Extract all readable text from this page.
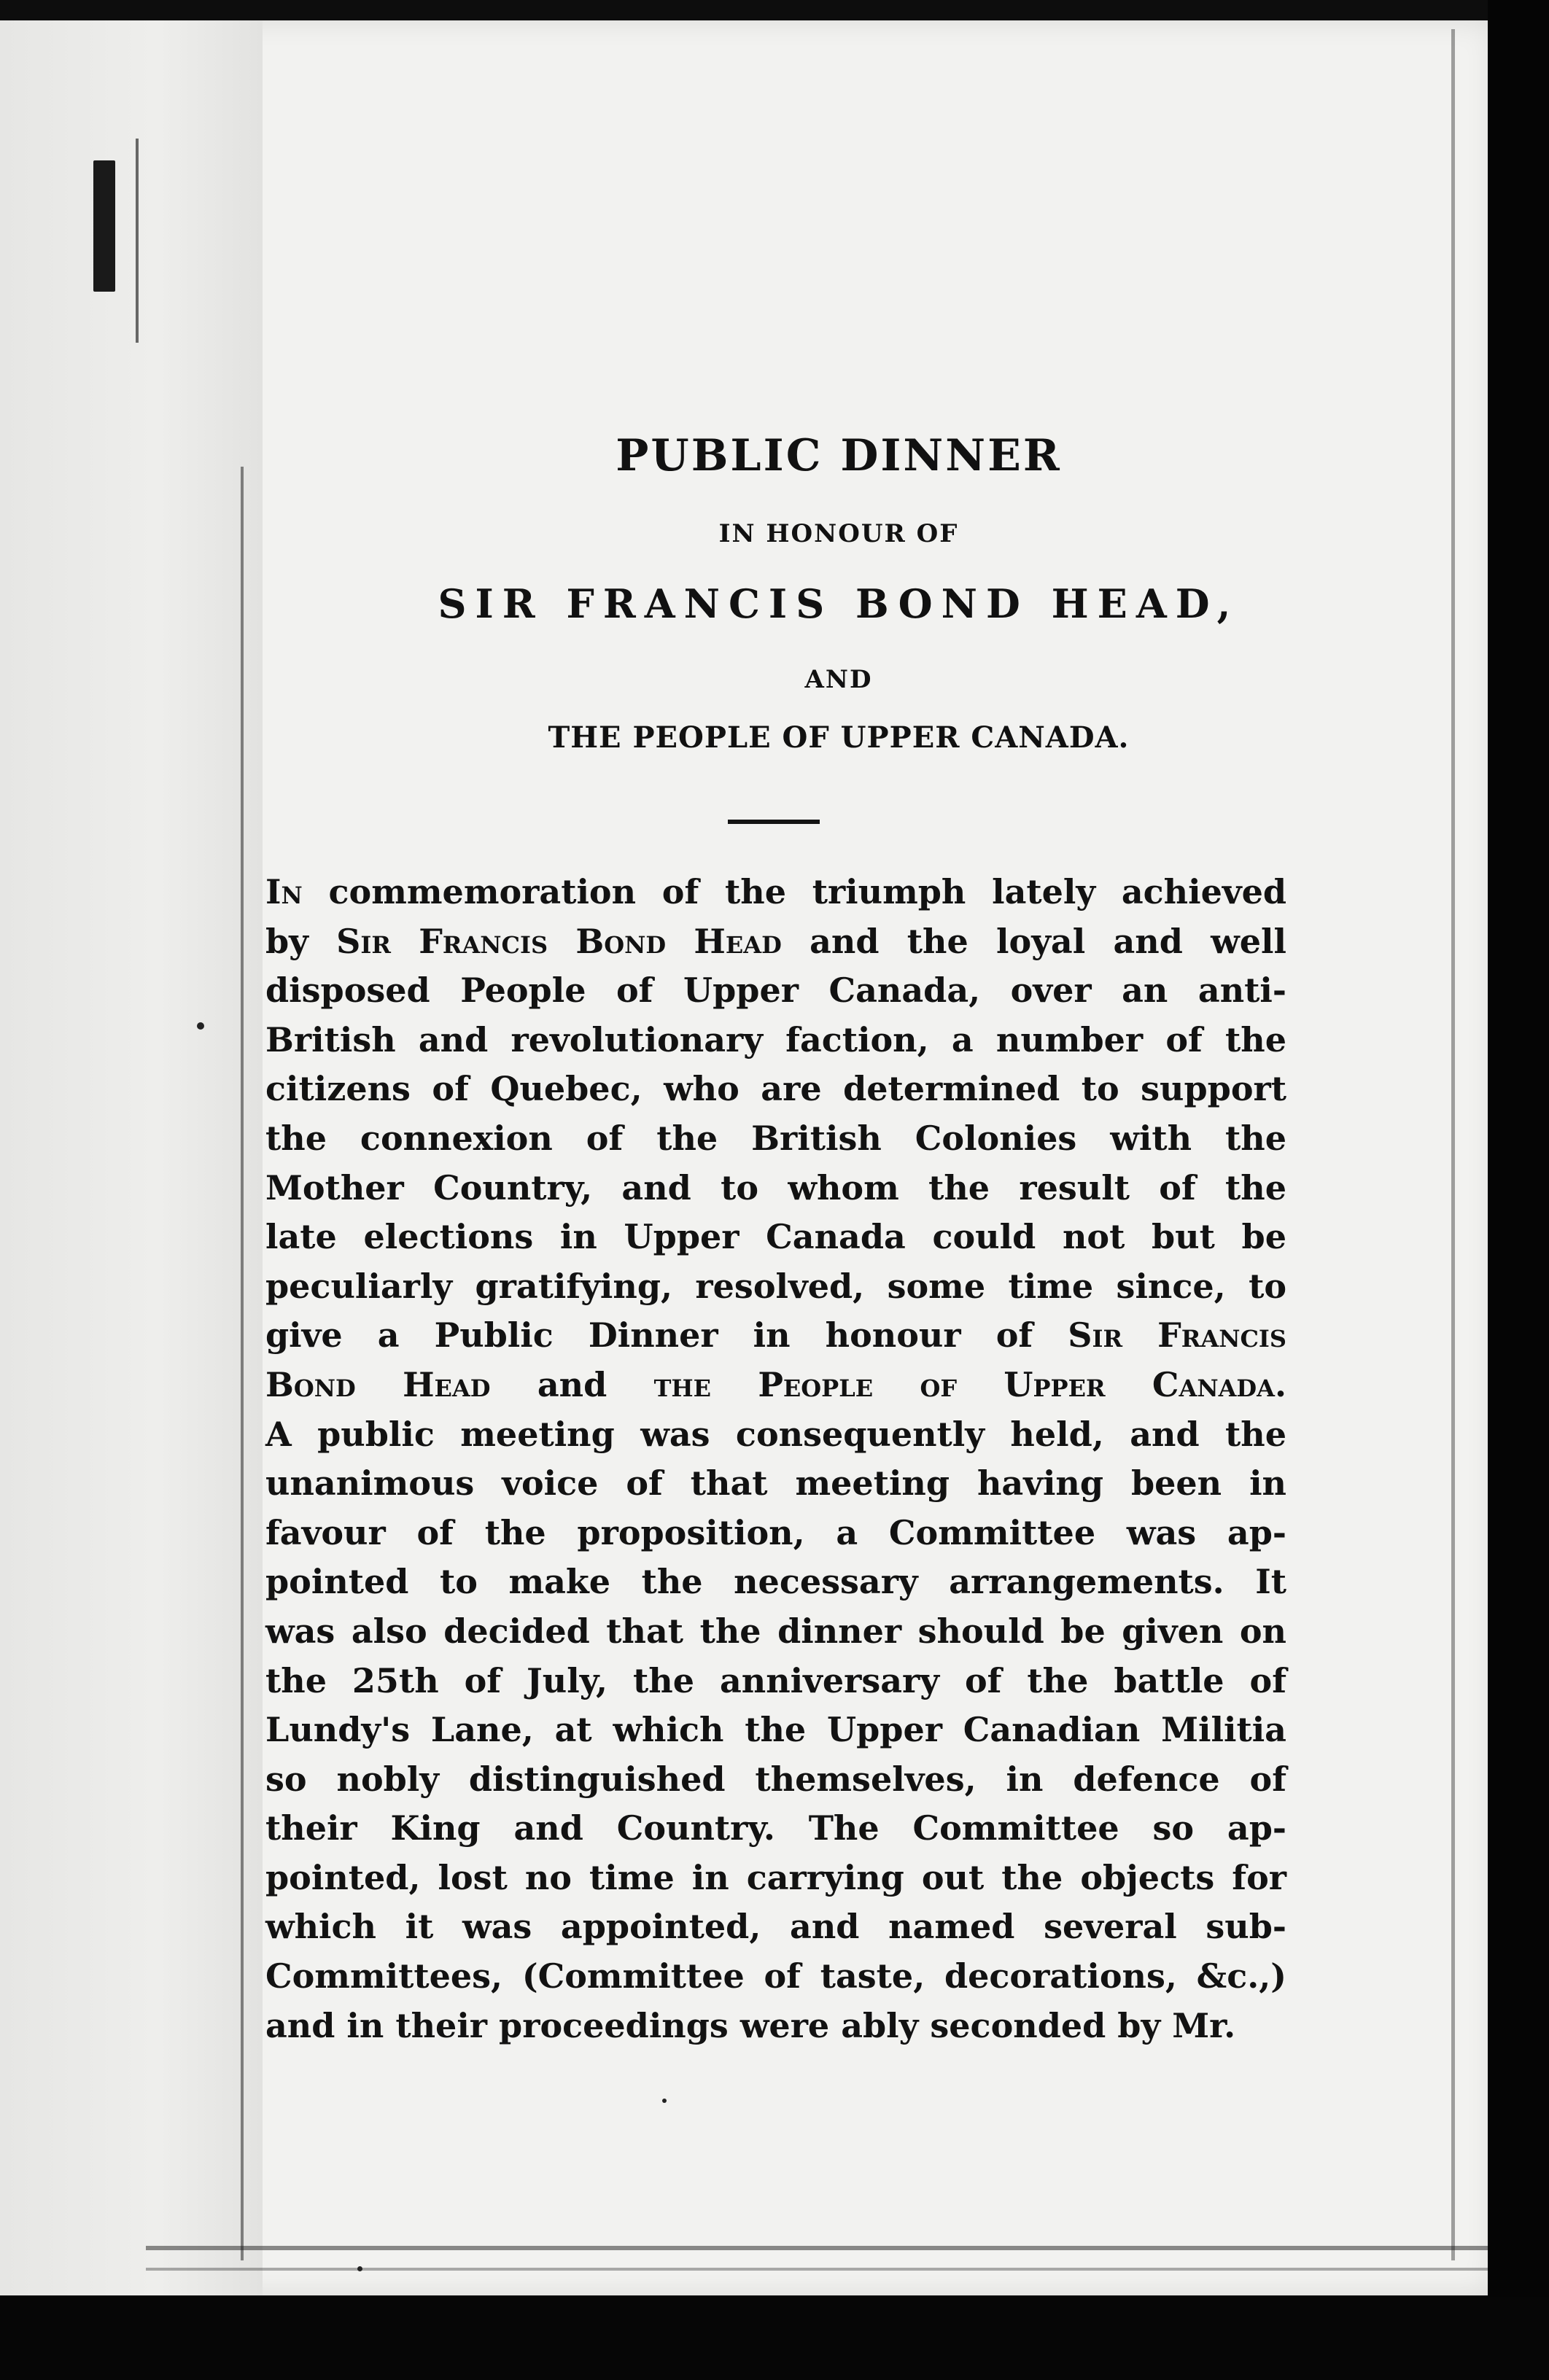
PUBLIC DINNER
IN HONOUR OF
SIR FRANCIS BOND HEAD,
AND
THE PEOPLE OF UPPER CANADA.
In commemoration of the triumph lately achieved
by Sir Francis Bond Head and the loyal and well
disposed People of Upper Canada, over an anti-
British and revolutionary faction, a number of the
citizens of Quebec, who are determined to support
the connexion of the British Colonies with the
Mother Country, and to whom the result of the
late elections in Upper Canada could not but be
peculiarly gratifying, resolved, some time since, to
give a Public Dinner in honour of Sir Francis
Bond Head and the People of Upper Canada.
A public meeting was consequently held, and the
unanimous voice of that meeting having been in
favour of the proposition, a Committee was ap-
pointed to make the necessary arrangements. It
was also decided that the dinner should be given on
the 25th of July, the anniversary of the battle of
Lundy's Lane, at which the Upper Canadian Militia
so nobly distinguished themselves, in defence of
their King and Country. The Committee so ap-
pointed, lost no time in carrying out the objects for
which it was appointed, and named several sub-
Committees, (Committee of taste, decorations, &c.,)
and in their proceedings were ably seconded by Mr.
